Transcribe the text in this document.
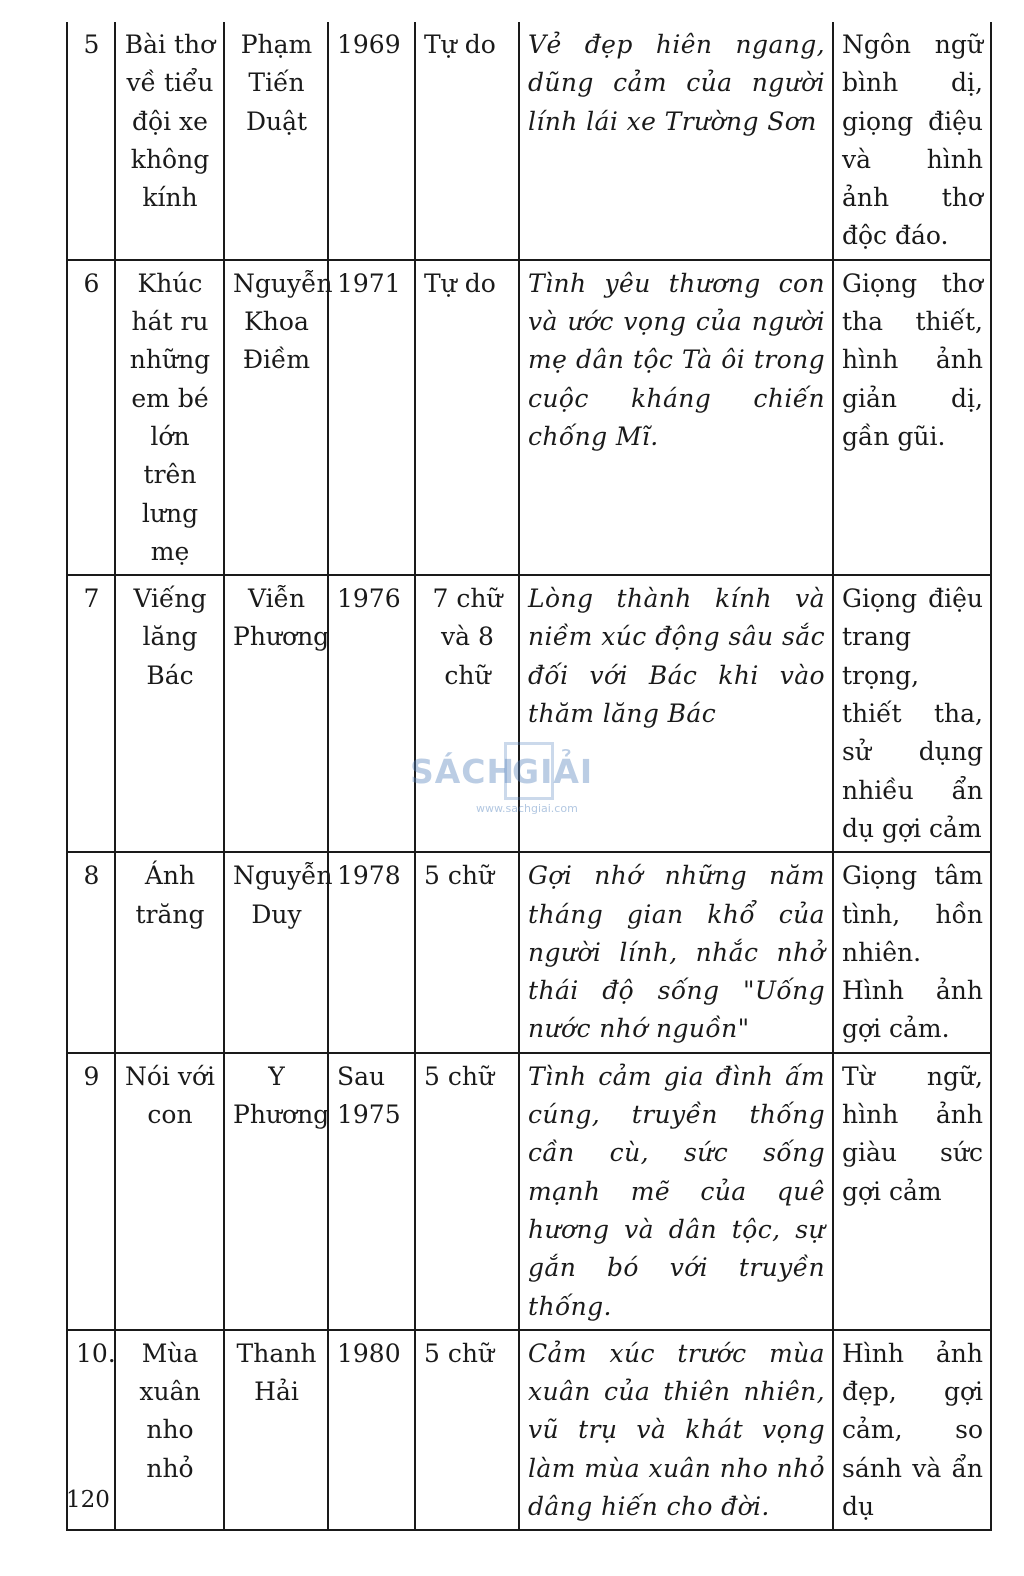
5	Bài thơ về tiểu đội xe không kính	Phạm Tiến Duật	1969	Tự do	Vẻ đẹp hiên ngang, dũng cảm của người lính lái xe Trường Sơn	Ngôn ngữ bình dị, giọng điệu và hình ảnh thơ độc đáo.
6	Khúc hát ru những em bé lớn trên lưng mẹ	Nguyễn Khoa Điềm	1971	Tự do	Tình yêu thương con và ước vọng của người mẹ dân tộc Tà ôi trong cuộc kháng chiến chống Mĩ.	Giọng thơ tha thiết, hình ảnh giản dị, gần gũi.
7	Viếng lăng Bác	Viễn Phương	1976	7 chữ và 8 chữ	Lòng thành kính và niềm xúc động sâu sắc đối với Bác khi vào thăm lăng Bác	Giọng điệu trang trọng, thiết tha, sử dụng nhiều ẩn dụ gợi cảm
8	Ánh trăng	Nguyễn Duy	1978	5 chữ	Gợi nhớ những năm tháng gian khổ của người lính, nhắc nhở thái độ sống "Uống nước nhớ nguồn"	Giọng tâm tình, hồn nhiên. Hình ảnh gợi cảm.
9	Nói với con	Y Phương	Sau 1975	5 chữ	Tình cảm gia đình ấm cúng, truyền thống cần cù, sức sống mạnh mẽ của quê hương và dân tộc, sự gắn bó với truyền thống.	Từ ngữ, hình ảnh giàu sức gợi cảm
10.	Mùa xuân nho nhỏ	Thanh Hải	1980	5 chữ	Cảm xúc trước mùa xuân của thiên nhiên, vũ trụ và khát vọng làm mùa xuân nho nhỏ dâng hiến cho đời.	Hình ảnh đẹp, gợi cảm, so sánh và ẩn dụ
SÁCH
GIẢI
www.sachgiai.com
120
